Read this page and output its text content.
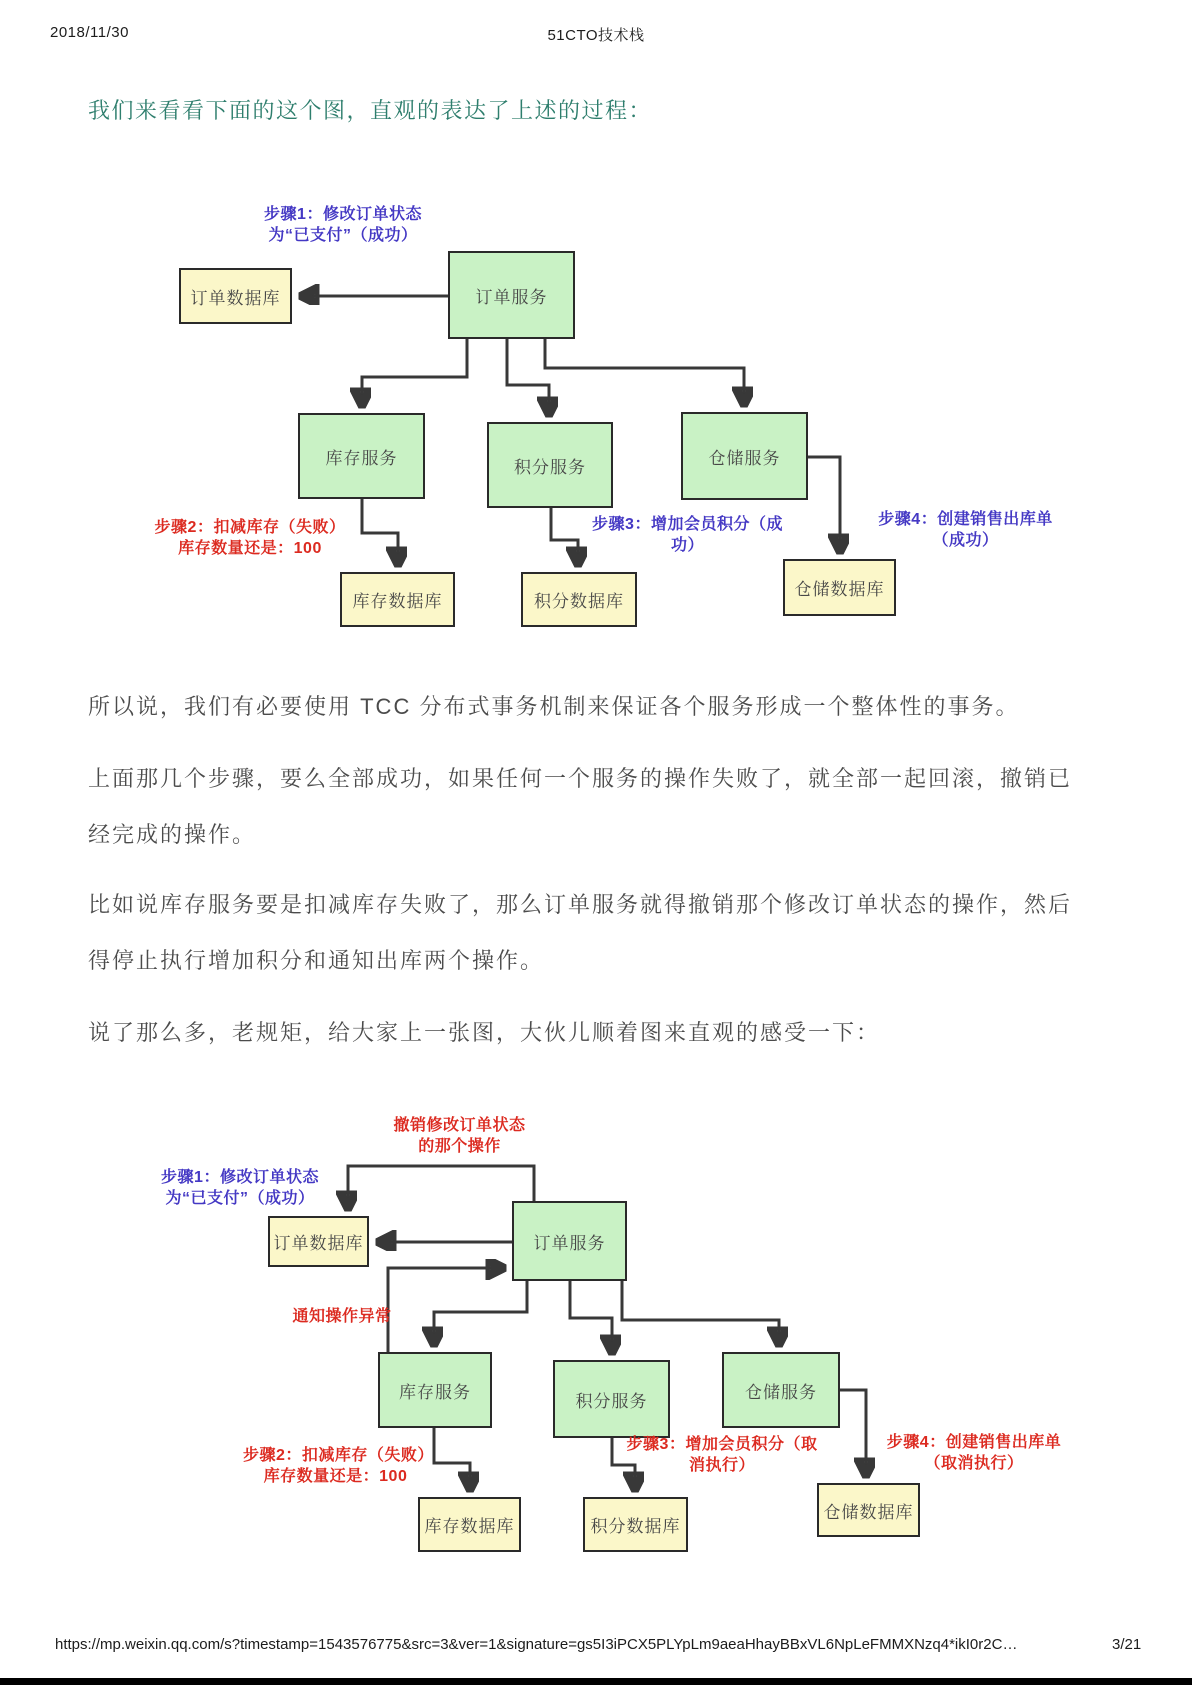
2018/11/30	51CTO技术栈
我们来看看下面的这个图，直观的表达了上述的过程：
步骤1：修改订单状态
为“已支付”（成功）
订单数据库	订单服务
库存服务	积分服务	仓储服务
库存数据库	积分数据库
仓储数据库
步骤2：扣减库存（失败）
库存数量还是：100
步骤3：增加会员积分（成
功）
步骤4：创建销售出库单
（成功）
所以说，我们有必要使用 TCC 分布式事务机制来保证各个服务形成一个整体性的事务。
上面那几个步骤，要么全部成功，如果任何一个服务的操作失败了，就全部一起回滚，撤销已
经完成的操作。
比如说库存服务要是扣减库存失败了，那么订单服务就得撤销那个修改订单状态的操作，然后
得停止执行增加积分和通知出库两个操作。
说了那么多，老规矩，给大家上一张图，大伙儿顺着图来直观的感受一下：
撤销修改订单状态
的那个操作
步骤1：修改订单状态
为“已支付”（成功）
订单数据库	订单服务
库存服务	积分服务	仓储服务
库存数据库	积分数据库
仓储数据库
通知操作异常
步骤2：扣减库存（失败）
库存数量还是：100
步骤3：增加会员积分（取
消执行）
步骤4：创建销售出库单
（取消执行）
https://mp.weixin.qq.com/s?timestamp=1543576775&src=3&ver=1&signature=gs5I3iPCX5PLYpLm9aeaHhayBBxVL6NpLeFMMXNzq4*ikI0r2C…	3/21
